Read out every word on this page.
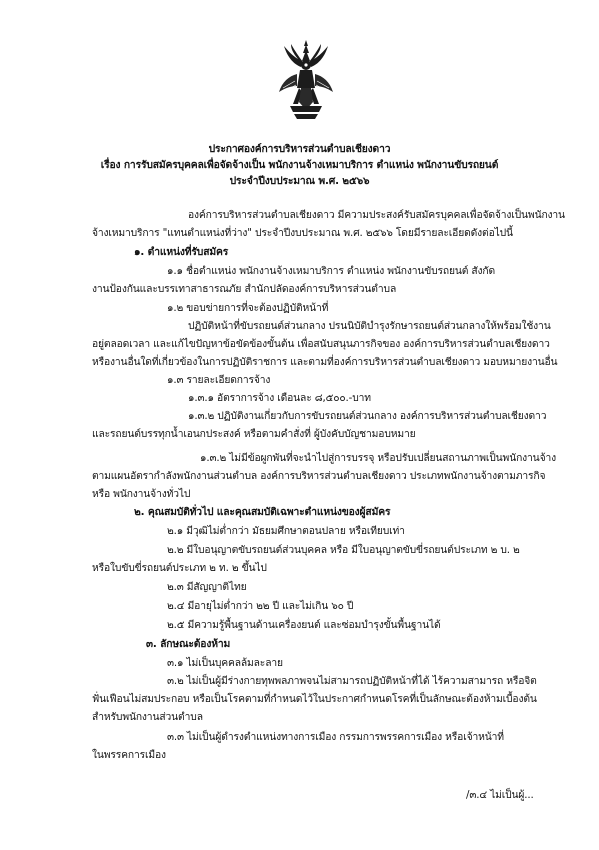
ประกาศองค์การบริหารส่วนตำบลเชียงดาว
เรื่อง การรับสมัครบุคคลเพื่อจัดจ้างเป็น พนักงานจ้างเหมาบริการ ตำแหน่ง พนักงานขับรถยนต์
ประจำปีงบประมาณ พ.ศ. ๒๕๖๖
องค์การบริหารส่วนตำบลเชียงดาว มีความประสงค์รับสมัครบุคคลเพื่อจัดจ้างเป็นพนักงาน
จ้างเหมาบริการ "แทนตำแหน่งที่ว่าง" ประจำปีงบประมาณ พ.ศ. ๒๕๖๖ โดยมีรายละเอียดดังต่อไปนี้
๑. ตำแหน่งที่รับสมัคร
๑.๑ ชื่อตำแหน่ง พนักงานจ้างเหมาบริการ ตำแหน่ง พนักงานขับรถยนต์ สังกัด
งานป้องกันและบรรเทาสาธารณภัย สำนักปลัดองค์การบริหารส่วนตำบล
๑.๒ ขอบข่ายการที่จะต้องปฏิบัติหน้าที่
ปฏิบัติหน้าที่ขับรถยนต์ส่วนกลาง ปรนนิบัติบำรุงรักษารถยนต์ส่วนกลางให้พร้อมใช้งาน
อยู่ตลอดเวลา และแก้ไขปัญหาข้อขัดข้องขั้นต้น เพื่อสนับสนุนภารกิจของ องค์การบริหารส่วนตำบลเชียงดาว
หรืองานอื่นใดที่เกี่ยวข้องในการปฏิบัติราชการ และตามที่องค์การบริหารส่วนตำบลเชียงดาว มอบหมายงานอื่น
๑.๓ รายละเอียดการจ้าง
๑.๓.๑ อัตราการจ้าง เดือนละ ๘,๕๐๐.-บาท
๑.๓.๒ ปฏิบัติงานเกี่ยวกับการขับรถยนต์ส่วนกลาง องค์การบริหารส่วนตำบลเชียงดาว
และรถยนต์บรรทุกน้ำเอนกประสงค์ หรือตามคำสั่งที่ ผู้บังคับบัญชามอบหมาย
๑.๓.๒ ไม่มีข้อผูกพันที่จะนำไปสู่การบรรจุ หรือปรับเปลี่ยนสถานภาพเป็นพนักงานจ้าง
ตามแผนอัตรากำลังพนักงานส่วนตำบล องค์การบริหารส่วนตำบลเชียงดาว ประเภทพนักงานจ้างตามภารกิจ
หรือ พนักงานจ้างทั่วไป
๒. คุณสมบัติทั่วไป และคุณสมบัติเฉพาะตำแหน่งของผู้สมัคร
๒.๑ มีวุฒิไม่ต่ำกว่า มัธยมศึกษาตอนปลาย หรือเทียบเท่า
๒.๒ มีใบอนุญาตขับรถยนต์ส่วนบุคคล หรือ มีใบอนุญาตขับขี่รถยนต์ประเภท ๒ บ. ๒
หรือใบขับขี่รถยนต์ประเภท ๒ ท. ๒ ขึ้นไป
๒.๓ มีสัญญาติไทย
๒.๔ มีอายุไม่ต่ำกว่า ๒๒ ปี และไม่เกิน ๖๐ ปี
๒.๕ มีความรู้พื้นฐานด้านเครื่องยนต์ และซ่อมบำรุงขั้นพื้นฐานได้
๓. ลักษณะต้องห้าม
๓.๑ ไม่เป็นบุคคลล้มละลาย
๓.๒ ไม่เป็นผู้มีร่างกายทุพพลภาพจนไม่สามารถปฏิบัติหน้าที่ได้ ไร้ความสามารถ หรือจิต
ฟั่นเฟือนไม่สมประกอบ หรือเป็นโรคตามที่กำหนดไว้ในประกาศกำหนดโรคที่เป็นลักษณะต้องห้ามเบื้องต้น
สำหรับพนักงานส่วนตำบล
๓.๓ ไม่เป็นผู้ดำรงตำแหน่งทางการเมือง กรรมการพรรคการเมือง หรือเจ้าหน้าที่
ในพรรคการเมือง
/๓.๔ ไม่เป็นผู้...
